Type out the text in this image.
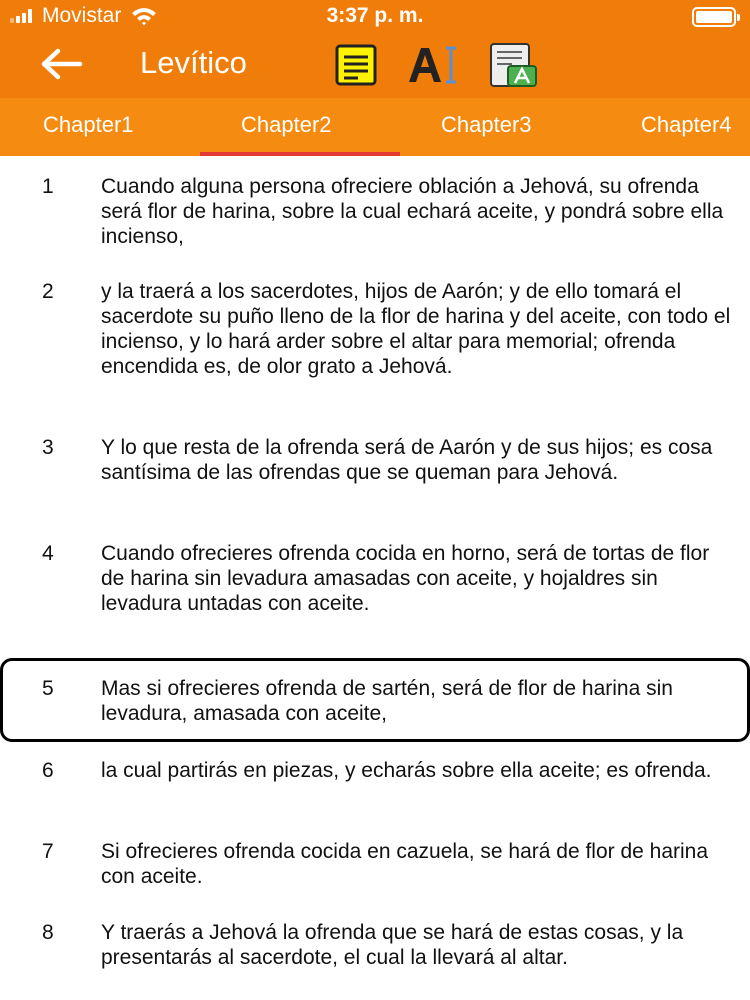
Movistar	3:37 p. m.
Levítico
Chapter1	Chapter2	Chapter3	Chapter4
1 Cuando alguna persona ofreciere oblación a Jehová, su ofrenda será flor de harina, sobre la cual echará aceite, y pondrá sobre ella incienso,
2 y la traerá a los sacerdotes, hijos de Aarón; y de ello tomará el sacerdote su puño lleno de la flor de harina y del aceite, con todo el incienso, y lo hará arder sobre el altar para memorial; ofrenda encendida es, de olor grato a Jehová.
3 Y lo que resta de la ofrenda será de Aarón y de sus hijos; es cosa santísima de las ofrendas que se queman para Jehová.
4 Cuando ofrecieres ofrenda cocida en horno, será de tortas de flor de harina sin levadura amasadas con aceite, y hojaldres sin levadura untadas con aceite.
5 Mas si ofrecieres ofrenda de sartén, será de flor de harina sin levadura, amasada con aceite,
6 la cual partirás en piezas, y echarás sobre ella aceite; es ofrenda.
7 Si ofrecieres ofrenda cocida en cazuela, se hará de flor de harina con aceite.
8 Y traerás a Jehová la ofrenda que se hará de estas cosas, y la presentarás al sacerdote, el cual la llevará al altar.
